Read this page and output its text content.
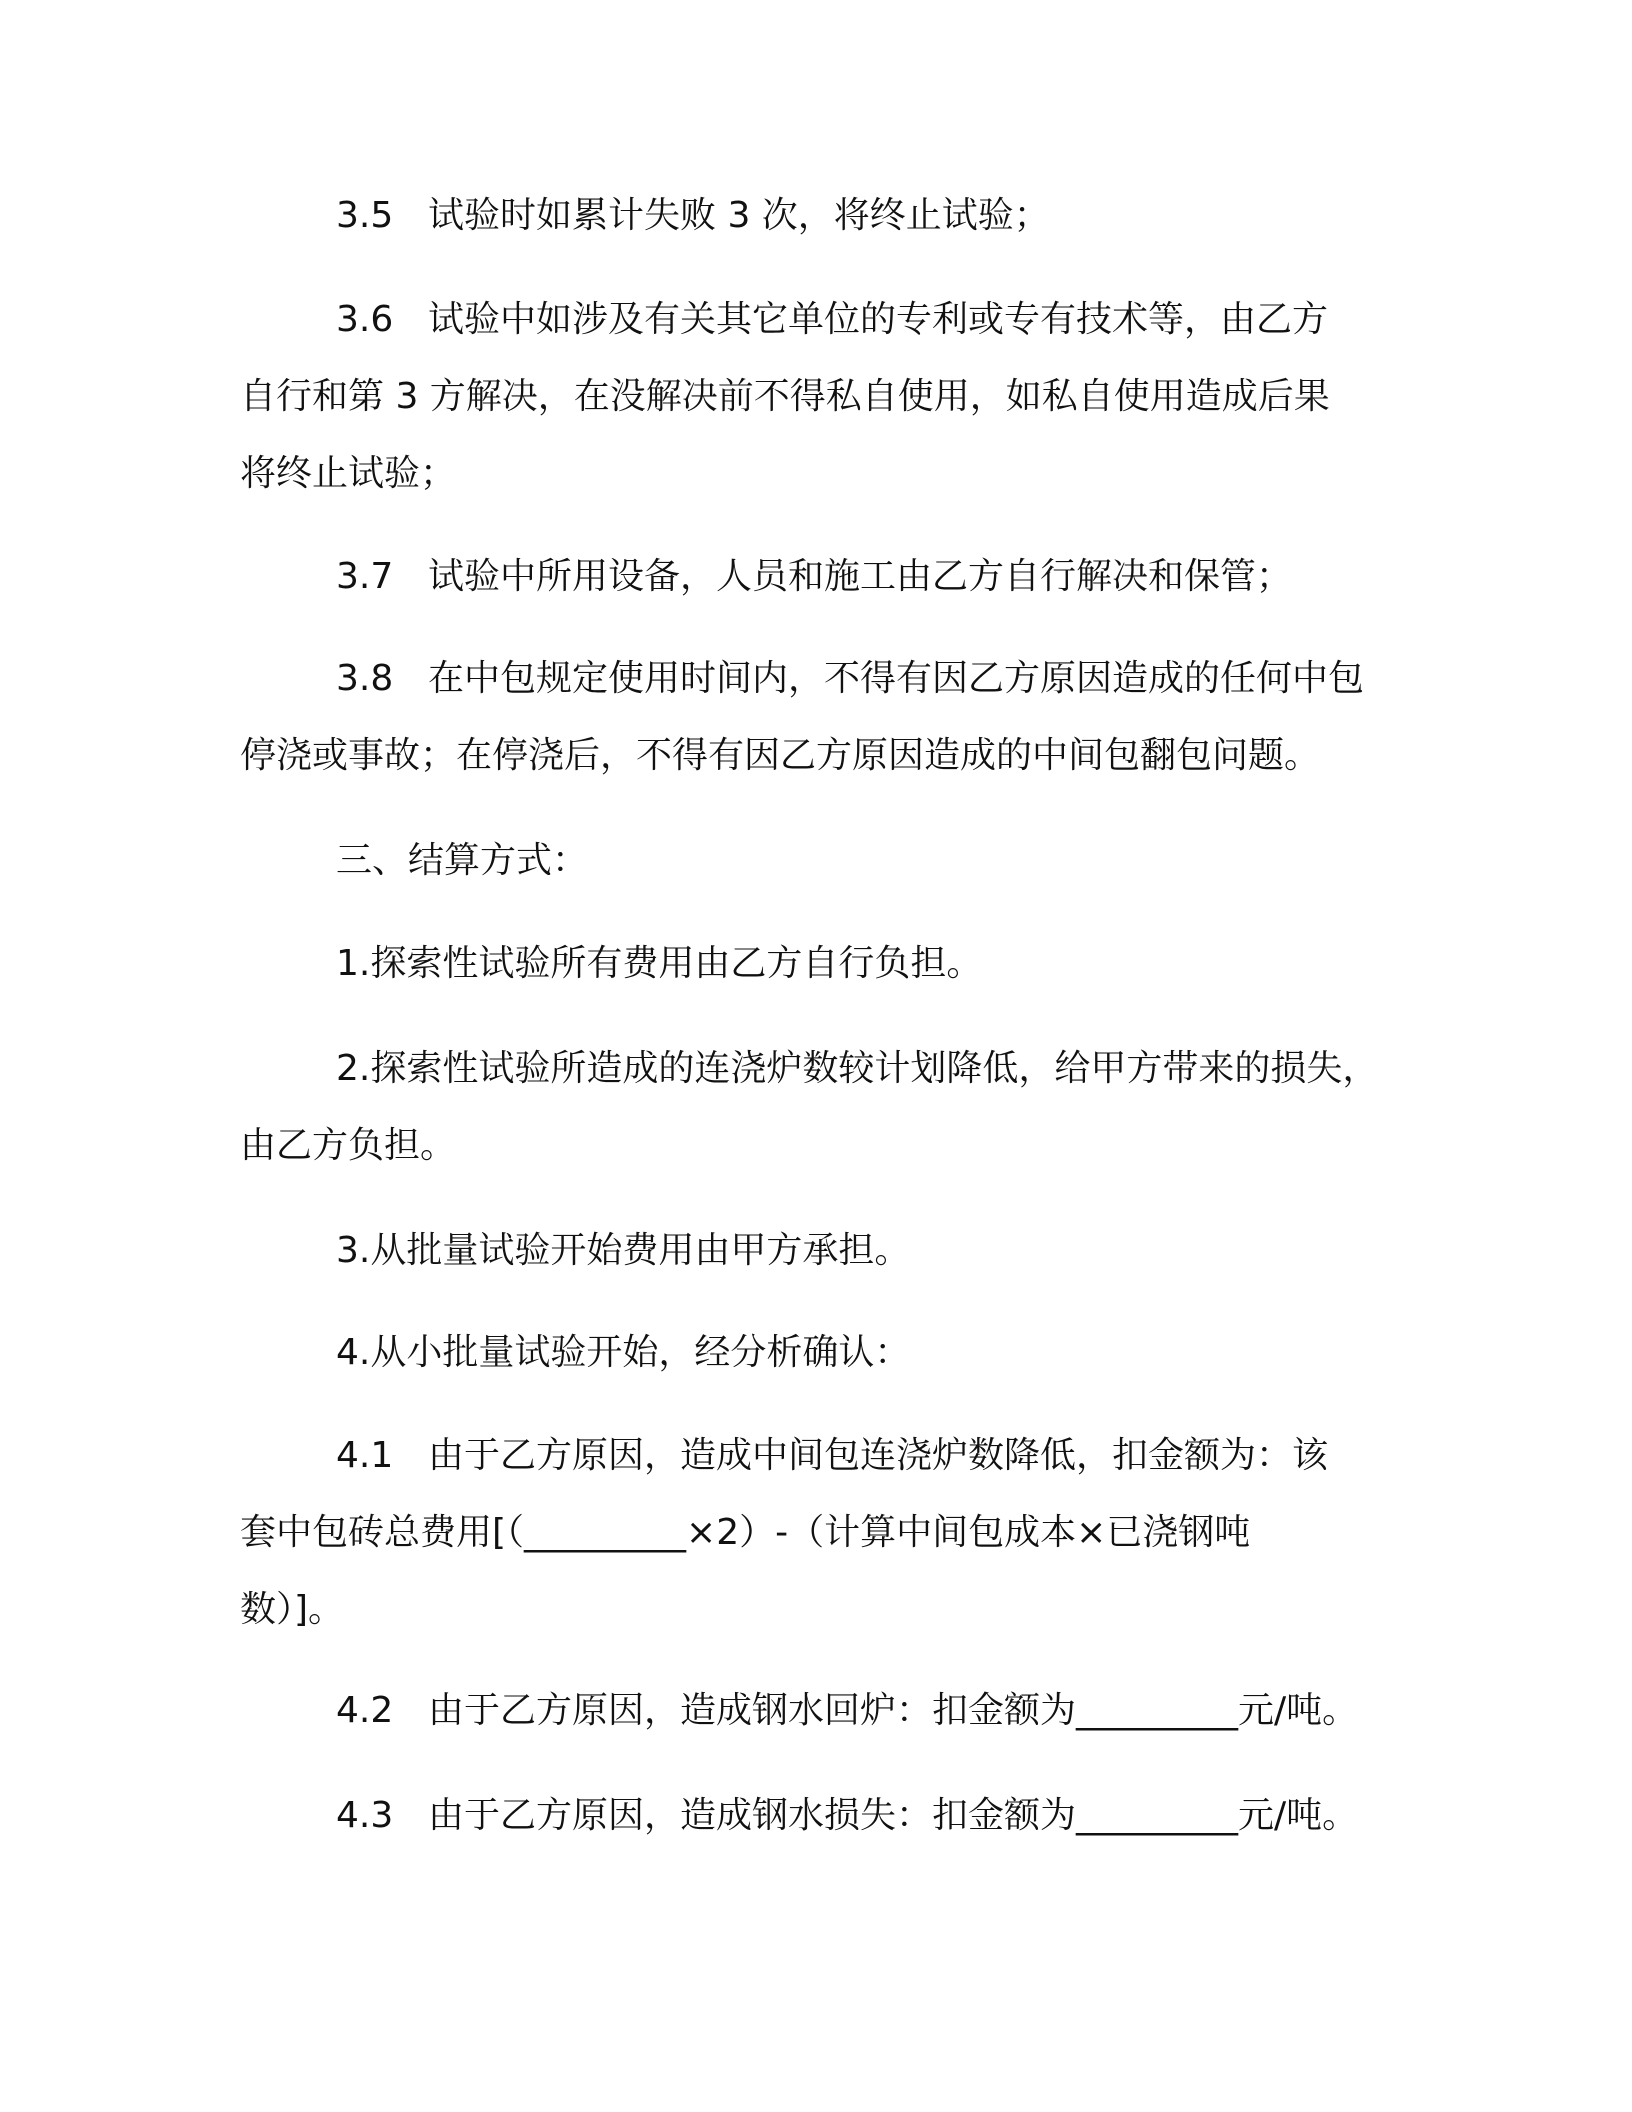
3.5 试验时如累计失败 3 次，将终止试验；

3.6 试验中如涉及有关其它单位的专利或专有技术等，由乙方自行和第 3 方解决，在没解决前不得私自使用，如私自使用造成后果将终止试验；

3.7 试验中所用设备，人员和施工由乙方自行解决和保管；

3.8 在中包规定使用时间内，不得有因乙方原因造成的任何中包停浇或事故；在停浇后，不得有因乙方原因造成的中间包翻包问题。

三、结算方式：

1.探索性试验所有费用由乙方自行负担。

2.探索性试验所造成的连浇炉数较计划降低，给甲方带来的损失，由乙方负担。

3.从批量试验开始费用由甲方承担。

4.从小批量试验开始，经分析确认：

4.1 由于乙方原因，造成中间包连浇炉数降低，扣金额为：该套中包砖总费用[（_________×2）-（计算中间包成本×已浇钢吨数）]。

4.2 由于乙方原因，造成钢水回炉：扣金额为_________元/吨。

4.3 由于乙方原因，造成钢水损失：扣金额为_________元/吨。
